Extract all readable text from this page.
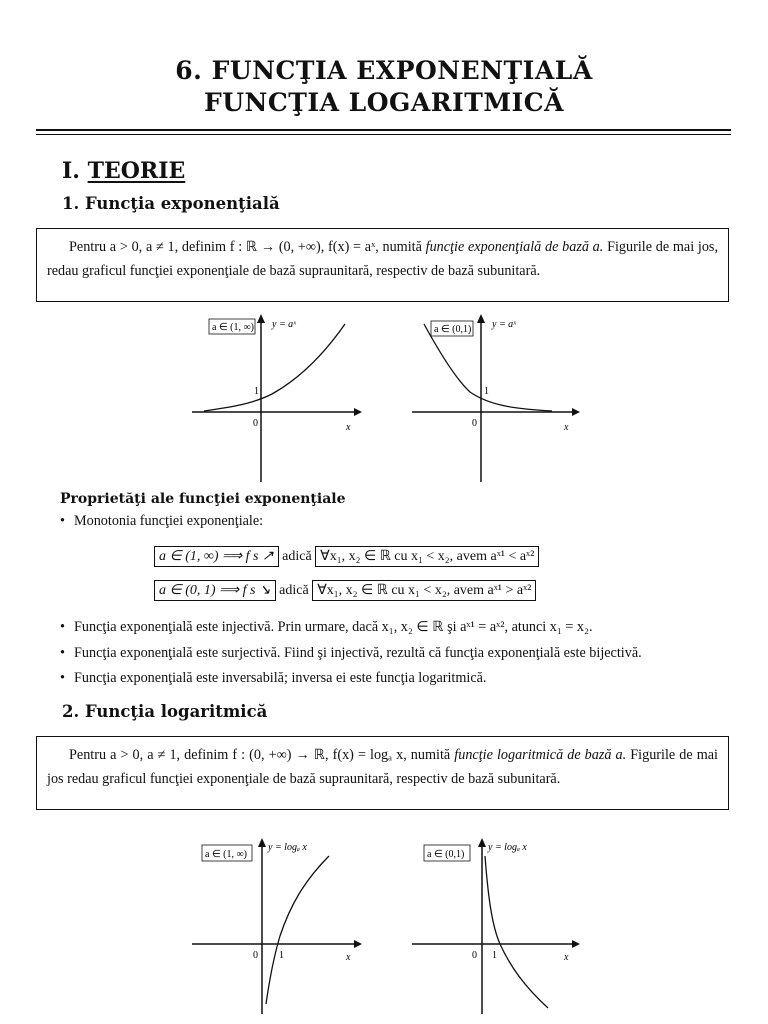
6. FUNCŢIA EXPONENŢIALĂ
FUNCŢIA LOGARITMICĂ
I. TEORIE
1. Funcţia exponenţială
Pentru a > 0, a ≠ 1, definim f : ℝ → (0, +∞), f(x) = aˣ, numită funcţie exponenţială de bază a. Figurile de mai jos, redau graficul funcţiei exponenţiale de bază supraunitară, respectiv de bază subunitară.
a ∈ (1, ∞) y = aˣ
1
0	x
a ∈ (0,1) y = aˣ
1
0	x
Proprietăţi ale funcţiei exponenţiale
• Monotonia funcţiei exponenţiale:
a ∈ (1, ∞) ⟹ f s ↗ adică ∀x₁, x₂ ∈ ℝ cu x₁ < x₂, avem aˣ¹ < aˣ²
a ∈ (0, 1) ⟹ f s ↘ adică ∀x₁, x₂ ∈ ℝ cu x₁ < x₂, avem aˣ¹ > aˣ²
• Funcţia exponenţială este injectivă. Prin urmare, dacă x₁, x₂ ∈ ℝ şi aˣ¹ = aˣ², atunci x₁ = x₂.
• Funcţia exponenţială este surjectivă. Fiind şi injectivă, rezultă că funcţia exponenţială este bijectivă.
• Funcţia exponenţială este inversabilă; inversa ei este funcţia logaritmică.
2. Funcţia logaritmică
Pentru a > 0, a ≠ 1, definim f : (0, +∞) → ℝ, f(x) = logₐ x, numită funcţie logaritmică de bază a. Figurile de mai jos redau graficul funcţiei exponenţiale de bază supraunitară, respectiv de bază subunitară.
a ∈ (1, ∞)
y = logₐ x
1
0	x
a ∈ (0,1)
y = logₐ x
1
0	x
